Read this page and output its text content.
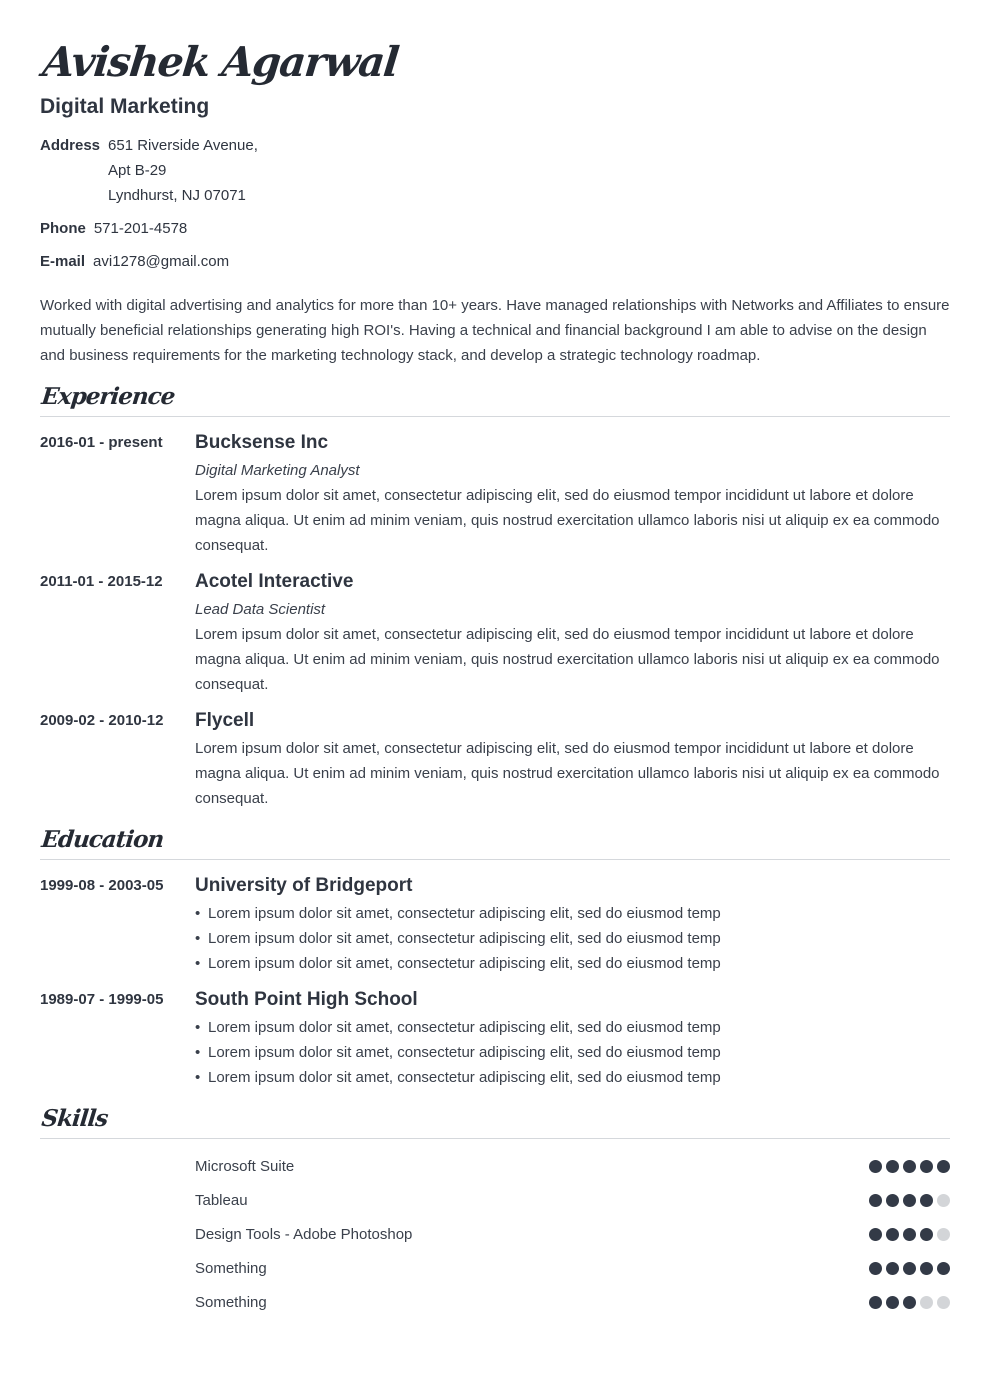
Avishek Agarwal
Digital Marketing
Address 651 Riverside Avenue,
Apt B-29
Lyndhurst, NJ 07071
Phone 571-201-4578
E-mail avi1278@gmail.com

Worked with digital advertising and analytics for more than 10+ years. Have managed relationships with Networks and Affiliates to ensure mutually beneficial relationships generating high ROI's. Having a technical and financial background I am able to advise on the design and business requirements for the marketing technology stack, and develop a strategic technology roadmap.

Experience
2016-01 - present	Bucksense Inc
Digital Marketing Analyst
Lorem ipsum dolor sit amet, consectetur adipiscing elit, sed do eiusmod tempor incididunt ut labore et dolore magna aliqua. Ut enim ad minim veniam, quis nostrud exercitation ullamco laboris nisi ut aliquip ex ea commodo consequat.
2011-01 - 2015-12	Acotel Interactive
Lead Data Scientist
Lorem ipsum dolor sit amet, consectetur adipiscing elit, sed do eiusmod tempor incididunt ut labore et dolore magna aliqua. Ut enim ad minim veniam, quis nostrud exercitation ullamco laboris nisi ut aliquip ex ea commodo consequat.
2009-02 - 2010-12	Flycell
Lorem ipsum dolor sit amet, consectetur adipiscing elit, sed do eiusmod tempor incididunt ut labore et dolore magna aliqua. Ut enim ad minim veniam, quis nostrud exercitation ullamco laboris nisi ut aliquip ex ea commodo consequat.
Education
1999-08 - 2003-05	University of Bridgeport
• Lorem ipsum dolor sit amet, consectetur adipiscing elit, sed do eiusmod temp
• Lorem ipsum dolor sit amet, consectetur adipiscing elit, sed do eiusmod temp
• Lorem ipsum dolor sit amet, consectetur adipiscing elit, sed do eiusmod temp
1989-07 - 1999-05	South Point High School
• Lorem ipsum dolor sit amet, consectetur adipiscing elit, sed do eiusmod temp
• Lorem ipsum dolor sit amet, consectetur adipiscing elit, sed do eiusmod temp
• Lorem ipsum dolor sit amet, consectetur adipiscing elit, sed do eiusmod temp
Skills
Microsoft Suite
Tableau
Design Tools - Adobe Photoshop
Something
Something
